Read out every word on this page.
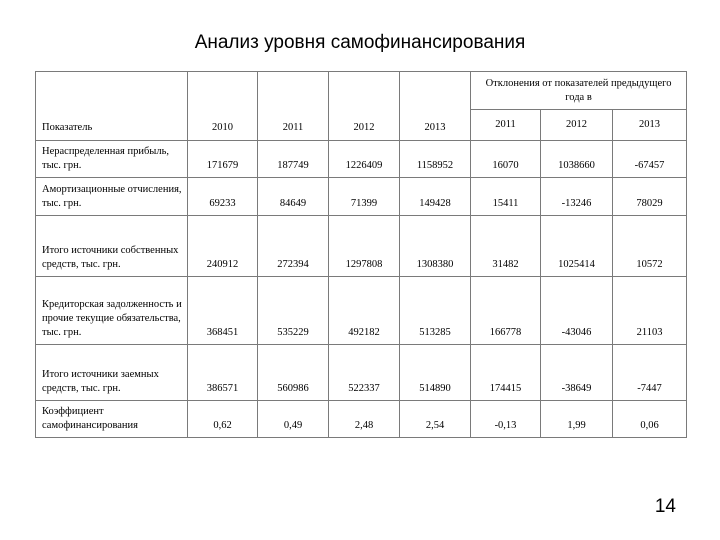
Анализ уровня самофинансирования
Показатель	2010	2011	2012	2013	Отклонения от показателей предыдущего года в		
					2011	2012	2013
Нераспределенная прибыль, тыс. грн.	171679	187749	1226409	1158952	16070	1038660	-67457
Амортизационные отчисления, тыс. грн.	69233	84649	71399	149428	15411	-13246	78029
Итого источники собственных средств, тыс. грн.	240912	272394	1297808	1308380	31482	1025414	10572
Кредиторская задолженность и прочие текущие обязательства, тыс. грн.	368451	535229	492182	513285	166778	-43046	21103
Итого источники заемных средств, тыс. грн.	386571	560986	522337	514890	174415	-38649	-7447
Коэффициент самофинансирования	0,62	0,49	2,48	2,54	-0,13	1,99	0,06
14
